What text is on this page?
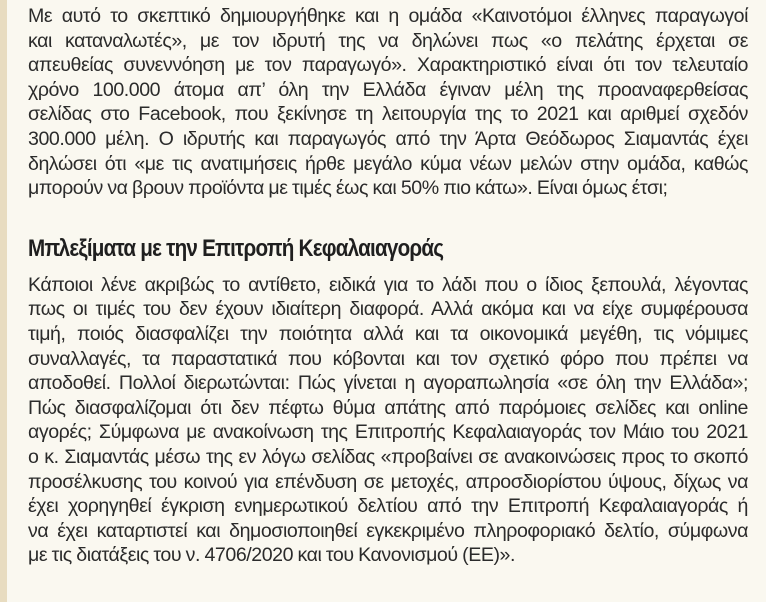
Με αυτό το σκεπτικό δημιουργήθηκε και η ομάδα «Καινοτόμοι έλληνες παραγωγοί
και καταναλωτές», με τον ιδρυτή της να δηλώνει πως «ο πελάτης έρχεται σε
απευθείας συνεννόηση με τον παραγωγό». Χαρακτηριστικό είναι ότι τον τελευταίο
χρόνο 100.000 άτομα απ’ όλη την Ελλάδα έγιναν μέλη της προαναφερθείσας
σελίδας στο Facebook, που ξεκίνησε τη λειτουργία της το 2021 και αριθμεί σχεδόν
300.000 μέλη. Ο ιδρυτής και παραγωγός από την Άρτα Θεόδωρος Σιαμαντάς έχει
δηλώσει ότι «με τις ανατιμήσεις ήρθε μεγάλο κύμα νέων μελών στην ομάδα, καθώς
μπορούν να βρουν προϊόντα με τιμές έως και 50% πιο κάτω». Είναι όμως έτσι;

Μπλεξίματα με την Επιτροπή Κεφαλαιαγοράς

Κάποιοι λένε ακριβώς το αντίθετο, ειδικά για το λάδι που ο ίδιος ξεπουλά, λέγοντας
πως οι τιμές του δεν έχουν ιδιαίτερη διαφορά. Αλλά ακόμα και να είχε συμφέρουσα
τιμή, ποιός διασφαλίζει την ποιότητα αλλά και τα οικονομικά μεγέθη, τις νόμιμες
συναλλαγές, τα παραστατικά που κόβονται και τον σχετικό φόρο που πρέπει να
αποδοθεί. Πολλοί διερωτώνται: Πώς γίνεται η αγοραπωλησία «σε όλη την Ελλάδα»;
Πώς διασφαλίζομαι ότι δεν πέφτω θύμα απάτης από παρόμοιες σελίδες και online
αγορές; Σύμφωνα με ανακοίνωση της Επιτροπής Κεφαλαιαγοράς τον Μάιο του 2021
ο κ. Σιαμαντάς μέσω της εν λόγω σελίδας «προβαίνει σε ανακοινώσεις προς το σκοπό
προσέλκυσης του κοινού για επένδυση σε μετοχές, απροσδιορίστου ύψους, δίχως να
έχει χορηγηθεί έγκριση ενημερωτικού δελτίου από την Επιτροπή Κεφαλαιαγοράς ή
να έχει καταρτιστεί και δημοσιοποιηθεί εγκεκριμένο πληροφοριακό δελτίο, σύμφωνα
με τις διατάξεις του ν. 4706/2020 και του Κανονισμού (ΕΕ)».
